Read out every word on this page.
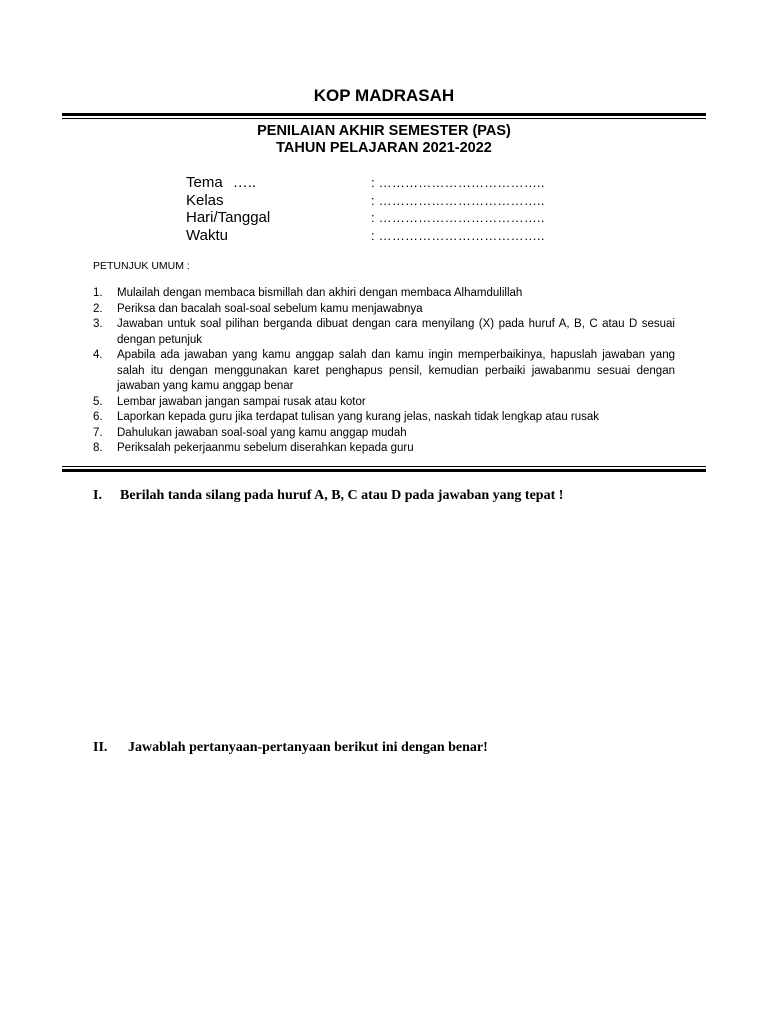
KOP MADRASAH
PENILAIAN AKHIR SEMESTER (PAS)
TAHUN PELAJARAN 2021-2022
Tema …..	: ………………………………..
Kelas	: ………………………………..
Hari/Tanggal	: ………………………………..
Waktu	: ………………………………..
PETUNJUK UMUM :
1. Mulailah dengan membaca bismillah dan akhiri dengan membaca Alhamdulillah
2. Periksa dan bacalah soal-soal sebelum kamu menjawabnya
3. Jawaban untuk soal pilihan berganda dibuat dengan cara menyilang (X) pada huruf A, B, C atau D sesuai dengan petunjuk
4. Apabila ada jawaban yang kamu anggap salah dan kamu ingin memperbaikinya, hapuslah jawaban yang salah itu dengan menggunakan karet penghapus pensil, kemudian perbaiki jawabanmu sesuai dengan jawaban yang kamu anggap benar
5. Lembar jawaban jangan sampai rusak atau kotor
6. Laporkan kepada guru jika terdapat tulisan yang kurang jelas, naskah tidak lengkap atau rusak
7. Dahulukan jawaban soal-soal yang kamu anggap mudah
8. Periksalah pekerjaanmu sebelum diserahkan kepada guru
I. Berilah tanda silang pada huruf A, B, C atau D pada jawaban yang tepat !
II. Jawablah pertanyaan-pertanyaan berikut ini dengan benar!
